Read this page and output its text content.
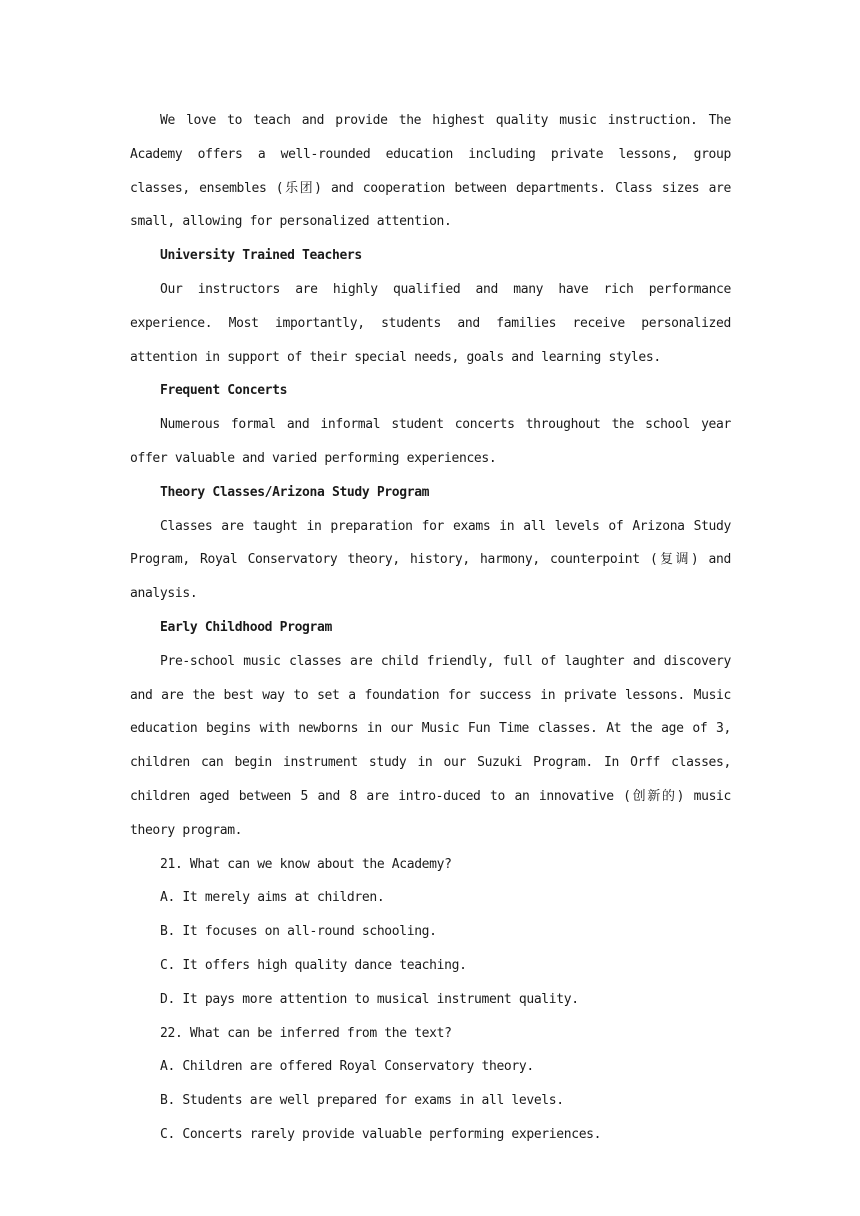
We love to teach and provide the highest quality music instruction. The Academy offers a well-rounded education including private lessons, group classes, ensembles (乐团) and cooperation between departments. Class sizes are small, allowing for personalized attention.

University Trained Teachers

Our instructors are highly qualified and many have rich performance experience. Most importantly, students and families receive personalized attention in support of their special needs, goals and learning styles.

Frequent Concerts

Numerous formal and informal student concerts throughout the school year offer valuable and varied performing experiences.

Theory Classes/Arizona Study Program

Classes are taught in preparation for exams in all levels of Arizona Study Program, Royal Conservatory theory, history, harmony, counterpoint (复调) and analysis.

Early Childhood Program

Pre-school music classes are child friendly, full of laughter and discovery and are the best way to set a foundation for success in private lessons. Music education begins with newborns in our Music Fun Time classes. At the age of 3, children can begin instrument study in our Suzuki Program. In Orff classes, children aged between 5 and 8 are intro-duced to an innovative (创新的) music theory program.

21. What can we know about the Academy?

A. It merely aims at children.

B. It focuses on all-round schooling.

C. It offers high quality dance teaching.

D. It pays more attention to musical instrument quality.

22. What can be inferred from the text?

A. Children are offered Royal Conservatory theory.

B. Students are well prepared for exams in all levels.

C. Concerts rarely provide valuable performing experiences.
